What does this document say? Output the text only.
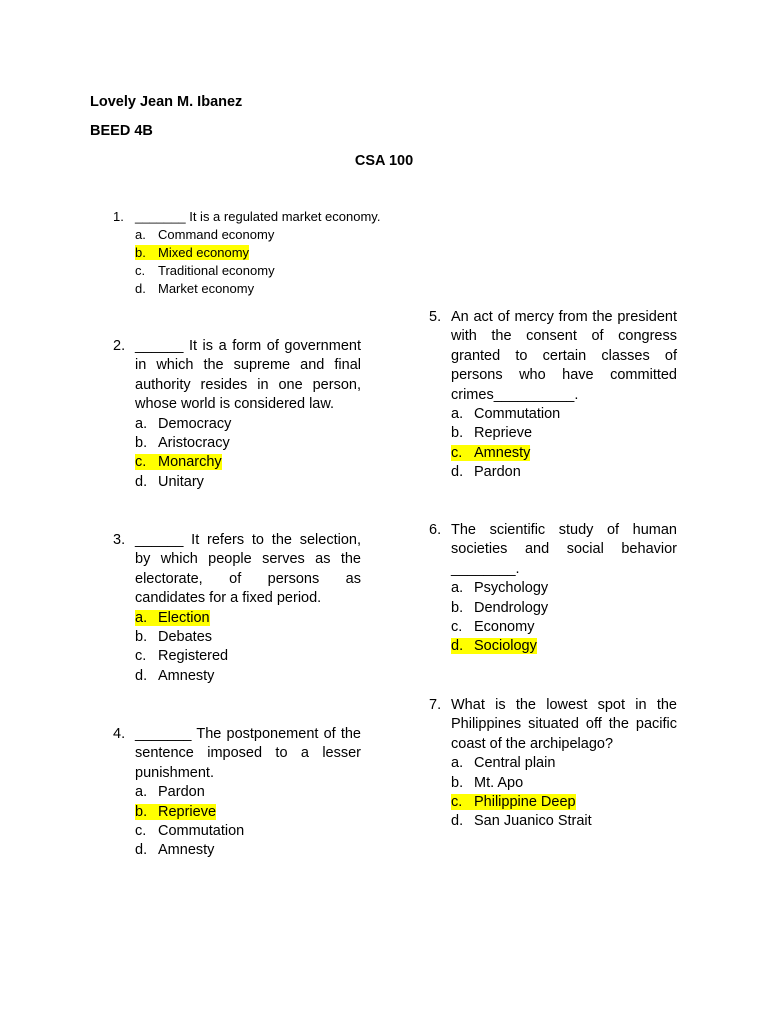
Lovely Jean M. Ibanez
BEED 4B
CSA 100
1. _______ It is a regulated market economy.
a. Command economy
b. Mixed economy
c. Traditional economy
d. Market economy
2. ______ It is a form of government in which the supreme and final authority resides in one person, whose world is considered law.
a. Democracy
b. Aristocracy
c. Monarchy
d. Unitary
3. ______ It refers to the selection, by which people serves as the electorate, of persons as candidates for a fixed period.
a. Election
b. Debates
c. Registered
d. Amnesty
4. _______ The postponement of the sentence imposed to a lesser punishment.
a. Pardon
b. Reprieve
c. Commutation
d. Amnesty
5. An act of mercy from the president with the consent of congress granted to certain classes of persons who have committed crimes__________.
a. Commutation
b. Reprieve
c. Amnesty
d. Pardon
6. The scientific study of human societies and social behavior ________.
a. Psychology
b. Dendrology
c. Economy
d. Sociology
7. What is the lowest spot in the Philippines situated off the pacific coast of the archipelago?
a. Central plain
b. Mt. Apo
c. Philippine Deep
d. San Juanico Strait
